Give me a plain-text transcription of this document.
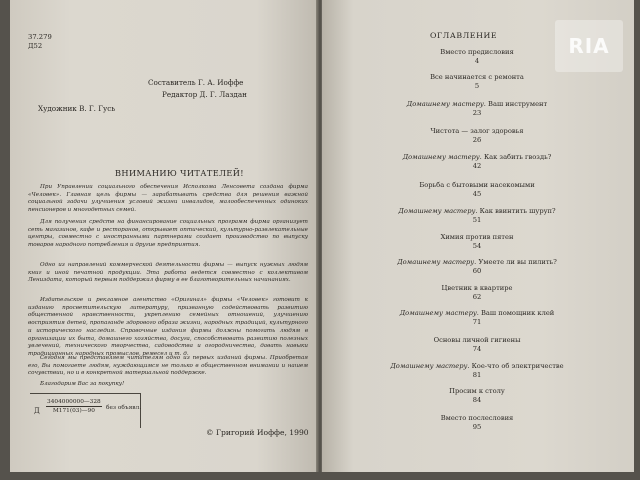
37.279
Д52
Составитель Г. А. Иоффе
Редактор Д. Г. Лаздан
Художник В. Г. Гусь
ВНИМАНИЮ ЧИТАТЕЛЕЙ!
При Управлении социального обеспечения Исполкома Ленсовета создана фирма «Человек». Главная цель фирмы — зарабатывать средства для решения важной социальной задачи улучшения условий жизни инвалидов, малообеспеченных одиноких пенсионеров и многодетных семей.
Для получения средств на финансирование социальных программ фирма организует сеть магазинов, кафе и ресторанов, открывает оптический, культурно-развлекательные центры, совместно с иностранными партнерами создает производство по выпуску товаров народного потребления и другие предприятия.
Одно из направлений коммерческой деятельности фирмы — выпуск нужных людям книг и иной печатной продукции. Эта работа ведется совместно с коллективом Лениздата, который первым поддержал фирму в ее благотворительных начинаниях.
Издательское и рекламное агентство «Оригинал» фирмы «Человек» готовит к изданию просветительскую литературу, призванную содействовать развитию общественной нравственности, укреплению семейных отношений, улучшению восприятия детей, пропаганде здорового образа жизни, народных традиций, культурного и исторического наследия. Справочные издания фирмы должны помогать людям в организации их быта, домашнего хозяйства, досуга, способствовать развитию полезных увлечений, технического творчества, садоводства и огородничества, давать навыки традиционных народных промыслов, ремесел и т. д.
Сегодня мы представляем читателям одно из первых изданий фирмы. Приобретая его, Вы помогаете людям, нуждающимся не только в общественном внимании и нашем сочувствии, но и в конкретной материальной поддержке.
Благодарим Вас за покупку!
Д
3404000000—328
М171(03)—90	без объявл.
© Григорий Иоффе, 1990
ОГЛАВЛЕНИЕ
Вместо предисловия
4
Все начинается с ремонта
5
Домашнему мастеру. Ваш инструмент
23
Чистота — залог здоровья
26
Домашнему мастеру. Как забить гвоздь?
42
Борьба с бытовыми насекомыми
45
Домашнему мастеру. Как ввинтить шуруп?
51
Химия против пятен
54
Домашнему мастеру. Умеете ли вы пилить?
60
Цветник в квартире
62
Домашнему мастеру. Ваш помощник клей
71
Основы личной гигиены
74
Домашнему мастеру. Кое-что об электричестве
81
Просим к столу
84
Вместо послесловия
95
RIA
